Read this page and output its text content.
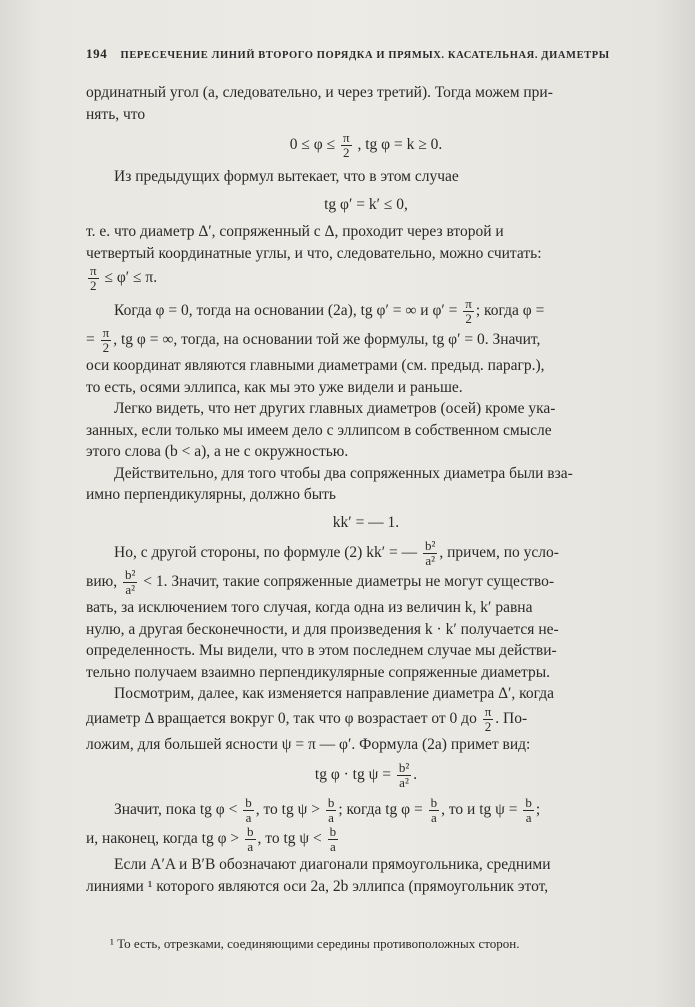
194 ПЕРЕСЕЧЕНИЕ ЛИНИЙ ВТОРОГО ПОРЯДКА И ПРЯМЫХ. КАСАТЕЛЬНАЯ. ДИАМЕТРЫ
ординатный угол (а, следовательно, и через третий). Тогда можем при-
нять, что
$0 \le \varphi \le \frac{\pi}{2}$ , tg φ = k ≥ 0.
Из предыдущих формул вытекает, что в этом случае
tg φ′ = k′ ≤ 0,
т. е. что диаметр Δ′, сопряженный с Δ, проходит через второй и
четвертый координатные углы, и что, следовательно, можно считать:
$\frac{\pi}{2} \le \varphi' \le \pi$.
Когда φ = 0, тогда на основании (2а), tg φ′ = ∞ и $\varphi' = \frac{\pi}{2}$ ; когда φ =
= $\frac{\pi}{2}$ , tg φ = ∞, тогда, на основании той же формулы, tg φ′ = 0. Значит,
оси координат являются главными диаметрами (см. предыд. парагр.),
то есть, осями эллипса, как мы это уже видели и раньше.
Легко видеть, что нет других главных диаметров (осей) кроме ука-
занных, если только мы имеем дело с эллипсом в собственном смысле
этого слова (b < a), а не с окружностью.
Действительно, для того чтобы два сопряженных диаметра были вза-
имно перпендикулярны, должно быть
kk′ = — 1.
Но, с другой стороны, по формуле (2) kk′ = — $\frac{\text{b²}}{\text{a²}}$ , причем, по усло-
вию, $\frac{\text{b²}}{\text{a²}} < 1$. Значит, такие сопряженные диаметры не могут существо-
вать, за исключением того случая, когда одна из величин k, k′ равна
нулю, а другая бесконечности, и для произведения k · k′ получается не-
определенность. Мы видели, что в этом последнем случае мы действи-
тельно получаем взаимно перпендикулярные сопряженные диаметры.
Посмотрим, далее, как изменяется направление диаметра Δ′, когда
диаметр Δ вращается вокруг 0, так что φ возрастает от 0 до $\frac{\pi}{2}$ . По-
ложим, для большей ясности ψ = π — φ′. Формула (2а) примет вид:
tg φ · tg $\psi = \frac{\text{b²}}{\text{a²}}$ .
Значит, пока tg $\varphi < \frac{b}{a}$ , то tg $\psi > \frac{b}{a}$ ; когда tg $\varphi = \frac{b}{a}$ , то и tg $\psi = \frac{b}{a}$ ;
и, наконец, когда tg $\varphi > \frac{b}{a}$ , то tg $\psi < \frac{b}{a}$
Если A′A и B′B обозначают диагонали прямоугольника, средними
линиями ¹ которого являются оси 2a, 2b эллипса (прямоугольник этот,
¹ То есть, отрезками, соединяющими середины противоположных сторон.
